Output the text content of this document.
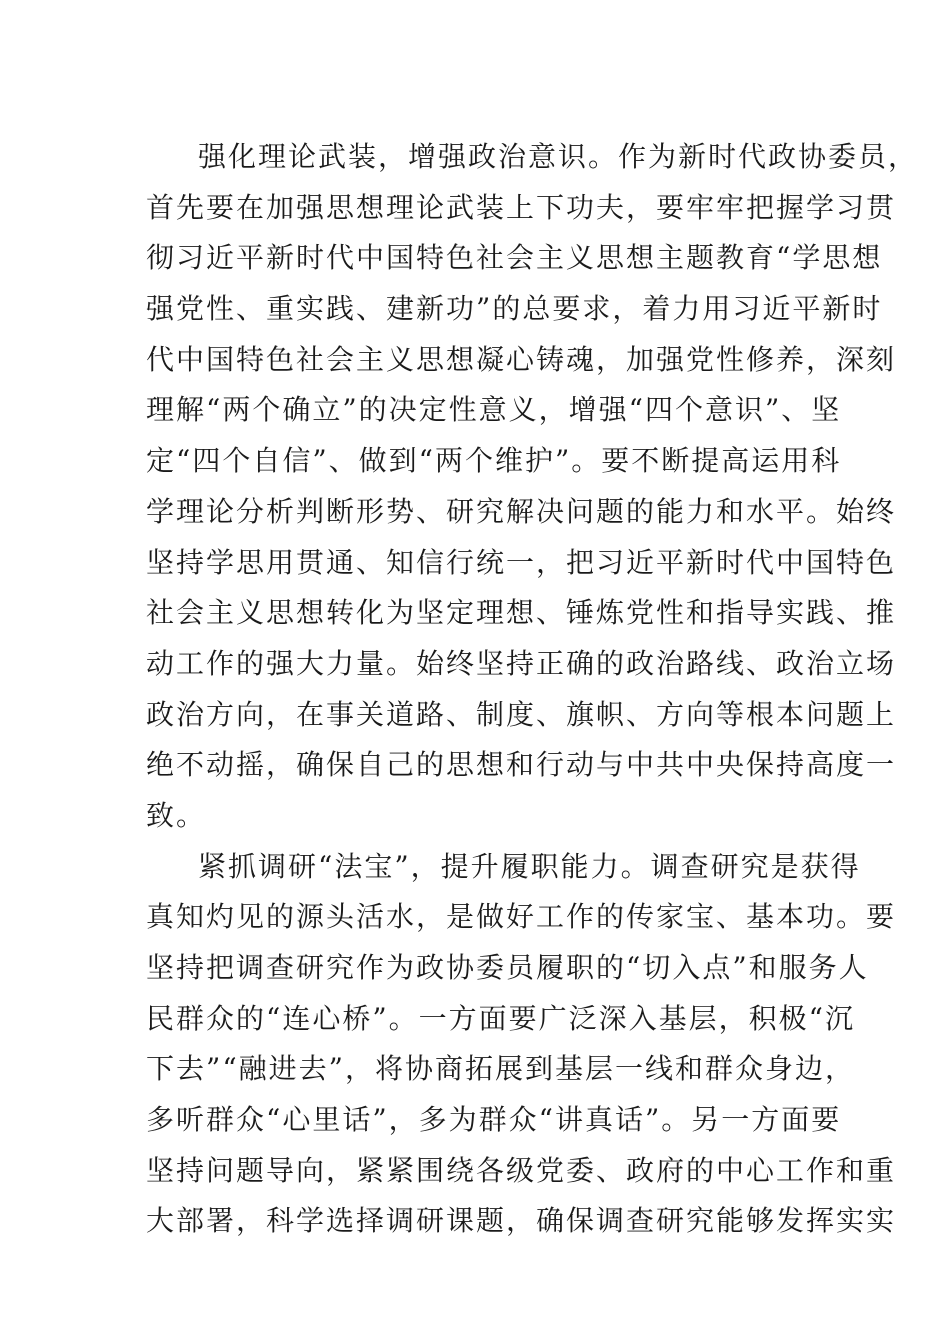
强化理论武装，增强政治意识。作为新时代政协委员，
首先要在加强思想理论武装上下功夫，要牢牢把握学习贯
彻习近平新时代中国特色社会主义思想主题教育“学思想
强党性、重实践、建新功”的总要求，着力用习近平新时
代中国特色社会主义思想凝心铸魂，加强党性修养，深刻
理解“两个确立”的决定性意义，增强“四个意识”、坚
定“四个自信”、做到“两个维护”。要不断提高运用科
学理论分析判断形势、研究解决问题的能力和水平。始终
坚持学思用贯通、知信行统一，把习近平新时代中国特色
社会主义思想转化为坚定理想、锤炼党性和指导实践、推
动工作的强大力量。始终坚持正确的政治路线、政治立场
政治方向，在事关道路、制度、旗帜、方向等根本问题上
绝不动摇，确保自己的思想和行动与中共中央保持高度一
致。
紧抓调研“法宝”，提升履职能力。调查研究是获得
真知灼见的源头活水，是做好工作的传家宝、基本功。要
坚持把调查研究作为政协委员履职的“切入点”和服务人
民群众的“连心桥”。一方面要广泛深入基层，积极“沉
下去”“融进去”，将协商拓展到基层一线和群众身边，
多听群众“心里话”，多为群众“讲真话”。另一方面要
坚持问题导向，紧紧围绕各级党委、政府的中心工作和重
大部署，科学选择调研课题，确保调查研究能够发挥实实
